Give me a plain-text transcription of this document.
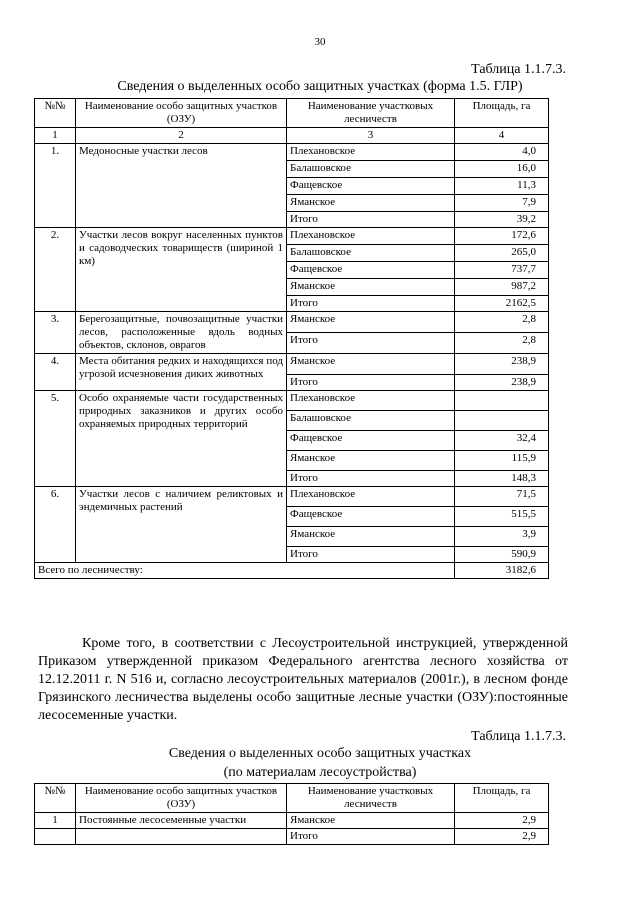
30
Таблица 1.1.7.3.
Сведения о выделенных особо защитных участках (форма 1.5. ГЛР)
№№	Наименование особо защитных участков (ОЗУ)	Наименование участковых лесничеств	Площадь, га
1	2	3	4
1.	Медоносные участки лесов	Плехановское	4,0
		Балашовское	16,0
		Фащевское	11,3
		Яманское	7,9
		Итого	39,2
2.	Участки лесов вокруг населенных пунктов и садоводческих товариществ (шириной 1 км)	Плехановское	172,6
		Балашовское	265,0
		Фащевское	737,7
		Яманское	987,2
		Итого	2162,5
3.	Берегозащитные, почвозащитные участки лесов, расположенные вдоль водных объектов, склонов, оврагов	Яманское	2,8
		Итого	2,8
4.	Места обитания редких и находящихся под угрозой исчезновения диких животных	Яманское	238,9
		Итого	238,9
5.	Особо охраняемые части государственных природных заказников и других особо охраняемых природных территорий	Плехановское	
		Балашовское	
		Фащевское	32,4
		Яманское	115,9
		Итого	148,3
6.	Участки лесов с наличием реликтовых и эндемичных растений	Плехановское	71,5
		Фащевское	515,5
		Яманское	3,9
		Итого	590,9
Всего по лесничеству:			3182,6
Кроме того, в соответствии с Лесоустроительной инструкцией, утвержденной Приказом утвержденной приказом Федерального агентства лесного хозяйства от 12.12.2011 г. N 516 и, согласно лесоустроительных материалов (2001г.), в лесном фонде Грязинского лесничества выделены особо защитные лесные участки (ОЗУ):постоянные лесосеменные участки.
Таблица 1.1.7.3.
Сведения о выделенных особо защитных участках
(по материалам лесоустройства)
№№	Наименование особо защитных участков (ОЗУ)	Наименование участковых лесничеств	Площадь, га
1	Постоянные лесосеменные участки	Яманское	2,9
		Итого	2,9
